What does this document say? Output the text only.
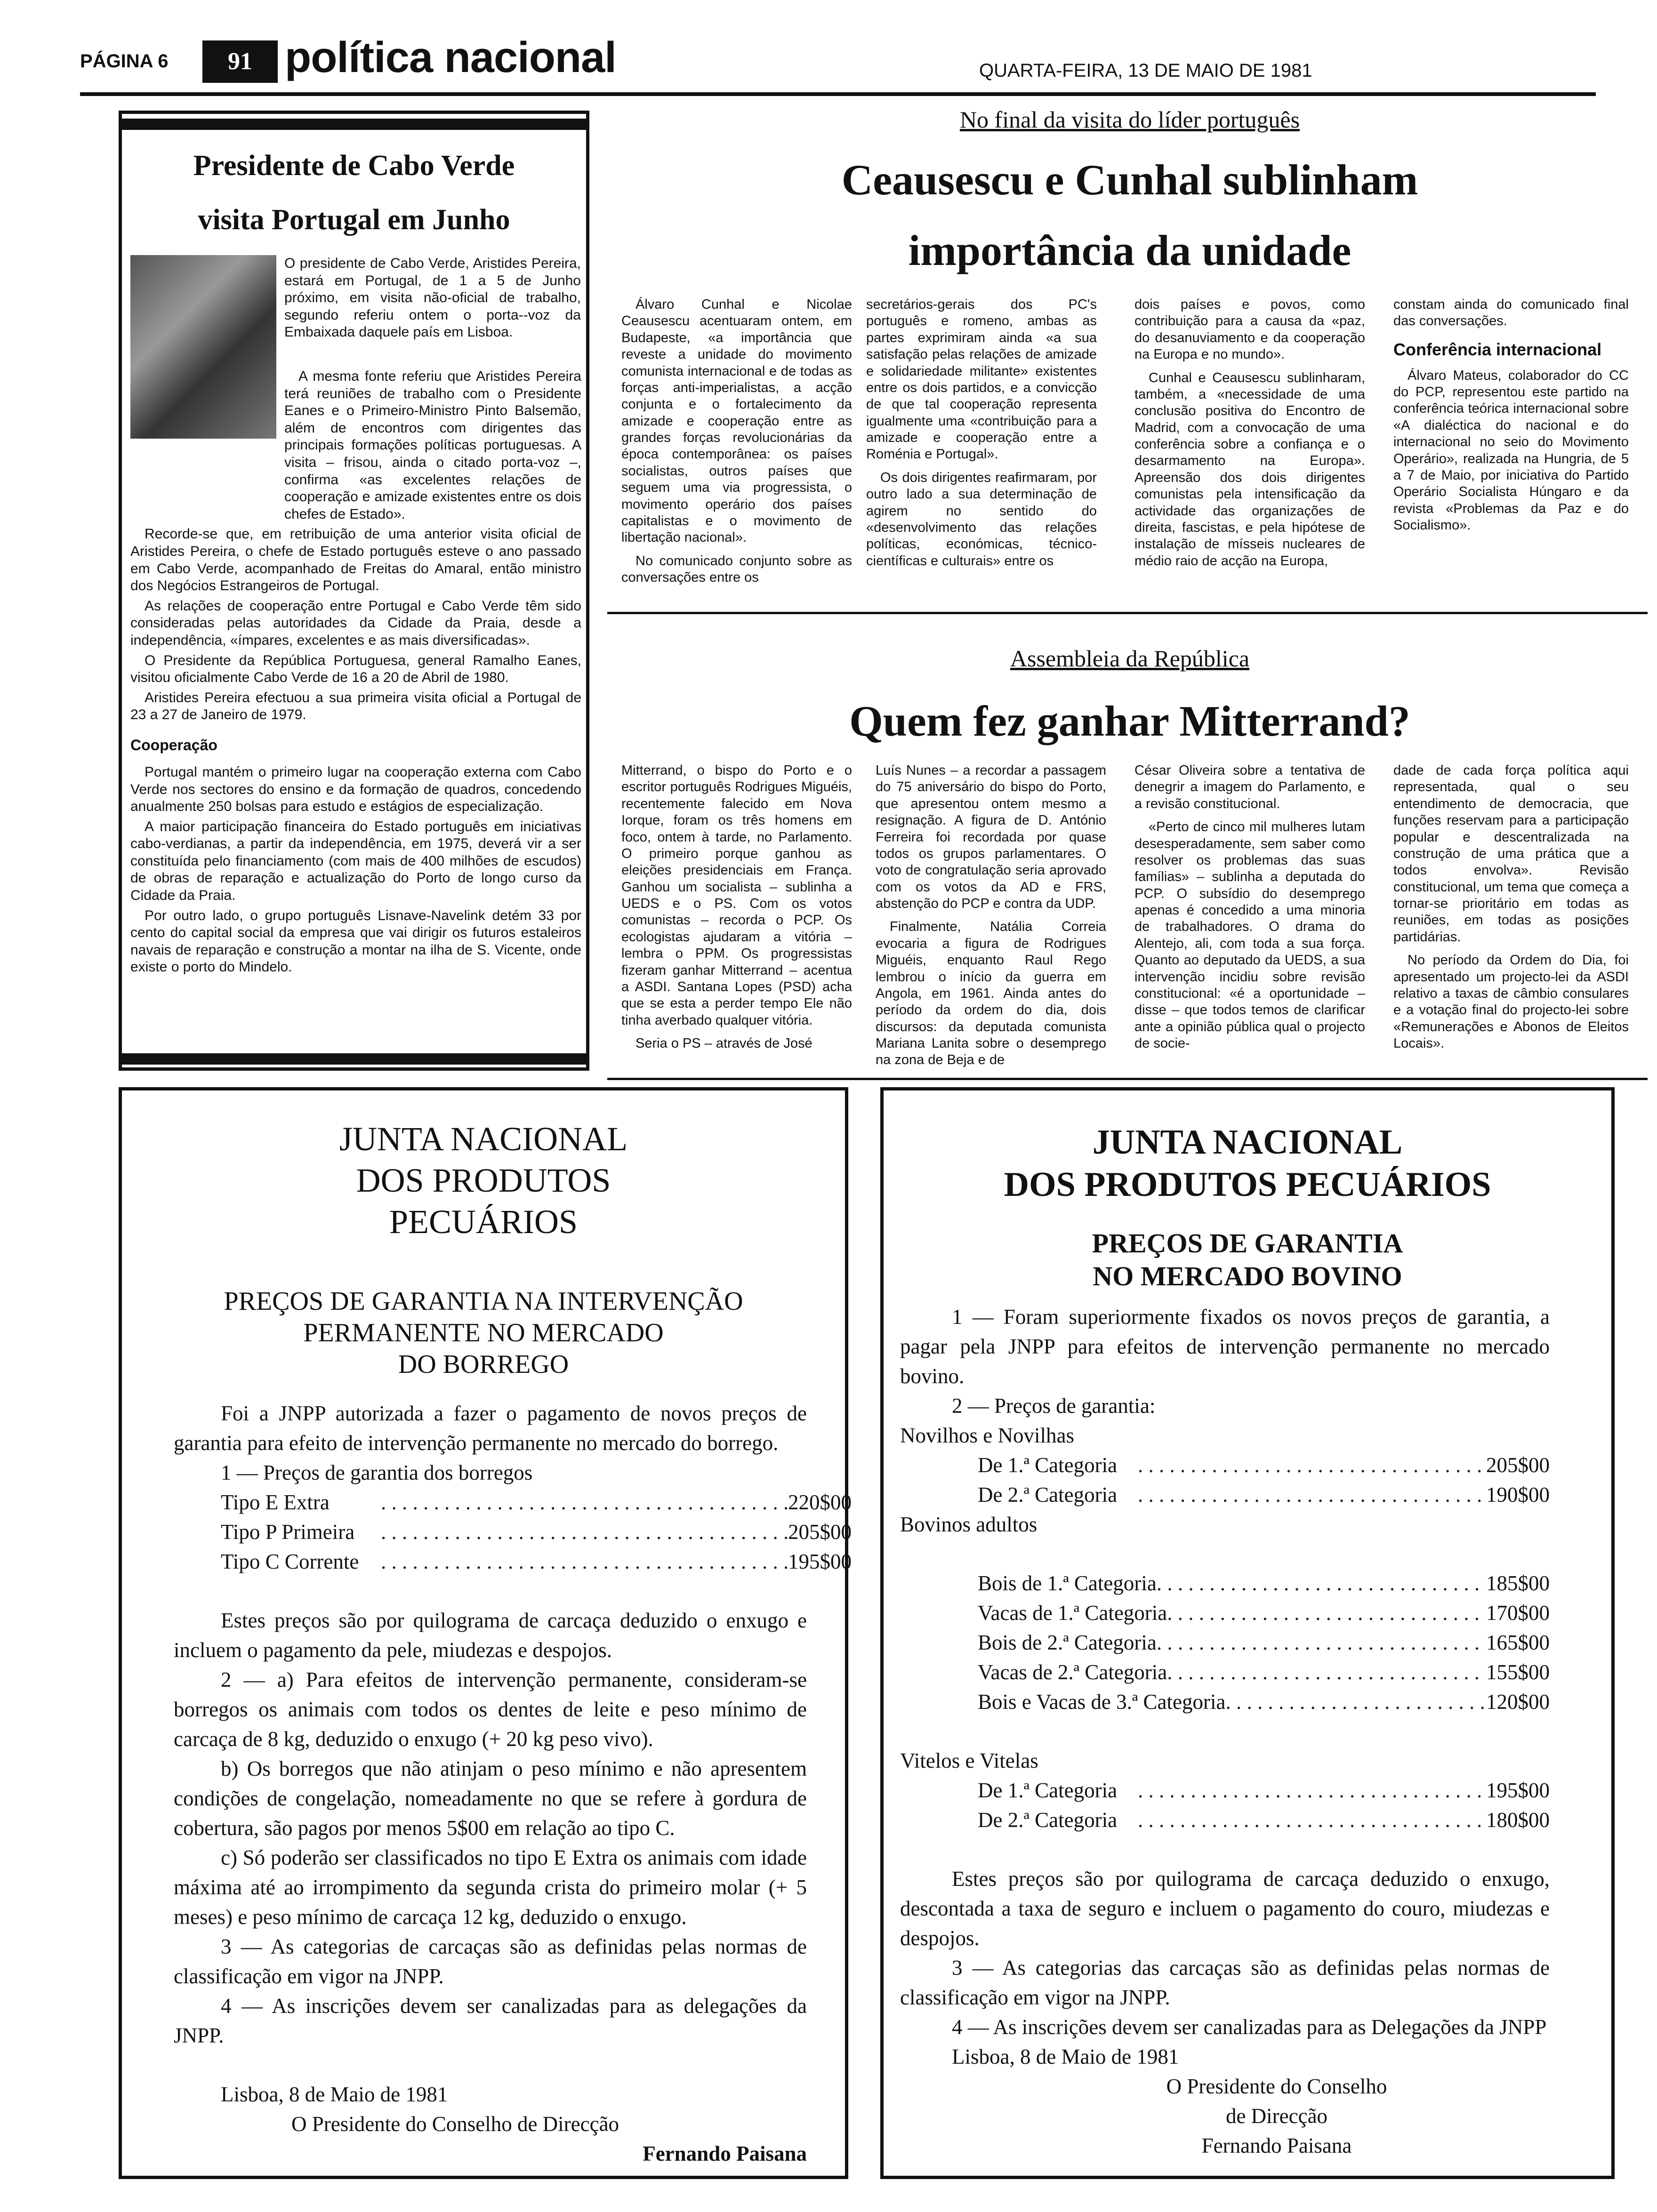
PÁGINA 6	91 política nacional	QUARTA-FEIRA, 13 DE MAIO DE 1981
Presidente de Cabo Verde
visita Portugal em Junho

O presidente de Cabo Verde, Aristides Pereira, estará em Portugal, de 1 a 5 de Junho próximo, em visita não-oficial de trabalho, segundo referiu ontem o porta--voz da Embaixada daquele país em Lisboa.

A mesma fonte referiu que Aristides Pereira terá reuniões de trabalho com o Presidente Eanes e o Primeiro-Ministro Pinto Balsemão, além de encontros com dirigentes das principais formações políticas portuguesas. A visita – frisou, ainda o citado porta-voz –, confirma «as excelentes relações de cooperação e amizade existentes entre os dois chefes de Estado».

Recorde-se que, em retribuição de uma anterior visita oficial de Aristides Pereira, o chefe de Estado português esteve o ano passado em Cabo Verde, acompanhado de Freitas do Amaral, então ministro dos Negócios Estrangeiros de Portugal.

As relações de cooperação entre Portugal e Cabo Verde têm sido consideradas pelas autoridades da Cidade da Praia, desde a independência, «ímpares, excelentes e as mais diversificadas».

O Presidente da República Portuguesa, general Ramalho Eanes, visitou oficialmente Cabo Verde de 16 a 20 de Abril de 1980.

Aristides Pereira efectuou a sua primeira visita oficial a Portugal de 23 a 27 de Janeiro de 1979.

Cooperação

Portugal mantém o primeiro lugar na cooperação externa com Cabo Verde nos sectores do ensino e da formação de quadros, concedendo anualmente 250 bolsas para estudo e estágios de especialização.

A maior participação financeira do Estado português em iniciativas cabo-verdianas, a partir da independência, em 1975, deverá vir a ser constituída pelo financiamento (com mais de 400 milhões de escudos) de obras de reparação e actualização do Porto de longo curso da Cidade da Praia.

Por outro lado, o grupo português Lisnave-Navelink detém 33 por cento do capital social da empresa que vai dirigir os futuros estaleiros navais de reparação e construção a montar na ilha de S. Vicente, onde existe o porto do Mindelo.

No final da visita do líder português
Ceausescu e Cunhal sublinham
importância da unidade

Álvaro Cunhal e Nicolae Ceausescu acentuaram ontem, em Budapeste, «a importância que reveste a unidade do movimento comunista internacional e de todas as forças anti-imperialistas, a acção conjunta e o fortalecimento da amizade e cooperação entre as grandes forças revolucionárias da época contemporânea: os países socialistas, outros países que seguem uma via progressista, o movimento operário dos países capitalistas e o movimento de libertação nacional».

No comunicado conjunto sobre as conversações entre os

secretários-gerais dos PC's português e romeno, ambas as partes exprimiram ainda «a sua satisfação pelas relações de amizade e solidariedade militante» existentes entre os dois partidos, e a convicção de que tal cooperação representa igualmente uma «contribuição para a amizade e cooperação entre a Roménia e Portugal».

Os dois dirigentes reafirmaram, por outro lado a sua determinação de agirem no sentido do «desenvolvimento das relações políticas, económicas, técnico-científicas e culturais» entre os

dois países e povos, como contribuição para a causa da «paz, do desanuviamento e da cooperação na Europa e no mundo».

Cunhal e Ceausescu sublinharam, também, a «necessidade de uma conclusão positiva do Encontro de Madrid, com a convocação de uma conferência sobre a confiança e o desarmamento na Europa». Apreensão dos dois dirigentes comunistas pela intensificação da actividade das organizações de direita, fascistas, e pela hipótese de instalação de mísseis nucleares de médio raio de acção na Europa,

constam ainda do comunicado final das conversações.

Conferência internacional

Álvaro Mateus, colaborador do CC do PCP, representou este partido na conferência teórica internacional sobre «A dialéctica do nacional e do internacional no seio do Movimento Operário», realizada na Hungria, de 5 a 7 de Maio, por iniciativa do Partido Operário Socialista Húngaro e da revista «Problemas da Paz e do Socialismo».

Assembleia da República
Quem fez ganhar Mitterrand?

Mitterrand, o bispo do Porto e o escritor português Rodrigues Miguéis, recentemente falecido em Nova Iorque, foram os três homens em foco, ontem à tarde, no Parlamento. O primeiro porque ganhou as eleições presidenciais em França. Ganhou um socialista – sublinha a UEDS e o PS. Com os votos comunistas – recorda o PCP. Os ecologistas ajudaram a vitória – lembra o PPM. Os progressistas fizeram ganhar Mitterrand – acentua a ASDI. Santana Lopes (PSD) acha que se esta a perder tempo Ele não tinha averbado qualquer vitória.

Seria o PS – através de José

Luís Nunes – a recordar a passagem do 75 aniversário do bispo do Porto, que apresentou ontem mesmo a resignação. A figura de D. António Ferreira foi recordada por quase todos os grupos parlamentares. O voto de congratulação seria aprovado com os votos da AD e FRS, abstenção do PCP e contra da UDP.

Finalmente, Natália Correia evocaria a figura de Rodrigues Miguéis, enquanto Raul Rego lembrou o início da guerra em Angola, em 1961. Ainda antes do período da ordem do dia, dois discursos: da deputada comunista Mariana Lanita sobre o desemprego na zona de Beja e de

César Oliveira sobre a tentativa de denegrir a imagem do Parlamento, e a revisão constitucional.

«Perto de cinco mil mulheres lutam desesperadamente, sem saber como resolver os problemas das suas famílias» – sublinha a deputada do PCP. O subsídio do desemprego apenas é concedido a uma minoria de trabalhadores. O drama do Alentejo, ali, com toda a sua força. Quanto ao deputado da UEDS, a sua intervenção incidiu sobre revisão constitucional: «é a oportunidade – disse – que todos temos de clarificar ante a opinião pública qual o projecto de socie-

dade de cada força política aqui representada, qual o seu entendimento de democracia, que funções reservam para a participação popular e descentralizada na construção de uma prática que a todos envolva». Revisão constitucional, um tema que começa a tornar-se prioritário em todas as reuniões, em todas as posições partidárias.

No período da Ordem do Dia, foi apresentado um projecto-lei da ASDI relativo a taxas de câmbio consulares e a votação final do projecto-lei sobre «Remunerações e Abonos de Eleitos Locais».

JUNTA NACIONAL
DOS PRODUTOS
PECUÁRIOS
PREÇOS DE GARANTIA NA INTERVENÇÃO
PERMANENTE NO MERCADO
DO BORREGO

Foi a JNPP autorizada a fazer o pagamento de novos preços de garantia para efeito de intervenção permanente no mercado do borrego.

1 — Preços de garantia dos borregos

Tipo E Extra . . .	220$00
Tipo P Primeira . . .	205$00
Tipo C Corrente . . .	195$00

Estes preços são por quilograma de carcaça deduzido o enxugo e incluem o pagamento da pele, miudezas e despojos.

2 — a) Para efeitos de intervenção permanente, consideram-se borregos os animais com todos os dentes de leite e peso mínimo de carcaça de 8 kg, deduzido o enxugo (+ 20 kg peso vivo).

b) Os borregos que não atinjam o peso mínimo e não apresentem condições de congelação, nomeadamente no que se refere à gordura de cobertura, são pagos por menos 5$00 em relação ao tipo C.

c) Só poderão ser classificados no tipo E Extra os animais com idade máxima até ao irrompimento da segunda crista do primeiro molar (+ 5 meses) e peso mínimo de carcaça 12 kg, deduzido o enxugo.

3 — As categorias de carcaças são as definidas pelas normas de classificação em vigor na JNPP.

4 — As inscrições devem ser canalizadas para as delegações da JNPP.

Lisboa, 8 de Maio de 1981

O Presidente do Conselho de Direcção

Fernando Paisana

JUNTA NACIONAL
DOS PRODUTOS PECUÁRIOS
PREÇOS DE GARANTIA
NO MERCADO BOVINO

1 — Foram superiormente fixados os novos preços de garantia, a pagar pela JNPP para efeitos de intervenção permanente no mercado bovino.

2 — Preços de garantia:

Novilhos e Novilhas

De 1.ª Categoria . . .	205$00
De 2.ª Categoria . . .	190$00

Bovinos adultos

Bois de 1.ª Categoria . . .	185$00
Vacas de 1.ª Categoria . . .	170$00
Bois de 2.ª Categoria . . .	165$00
Vacas de 2.ª Categoria . . .	155$00
Bois e Vacas de 3.ª Categoria . . .	120$00

Vitelos e Vitelas

De 1.ª Categoria . . .	195$00
De 2.ª Categoria . . .	180$00

Estes preços são por quilograma de carcaça deduzido o enxugo, descontada a taxa de seguro e incluem o pagamento do couro, miudezas e despojos.

3 — As categorias das carcaças são as definidas pelas normas de classificação em vigor na JNPP.

4 — As inscrições devem ser canalizadas para as Delegações da JNPP

Lisboa, 8 de Maio de 1981

O Presidente do Conselho

de Direcção

Fernando Paisana
